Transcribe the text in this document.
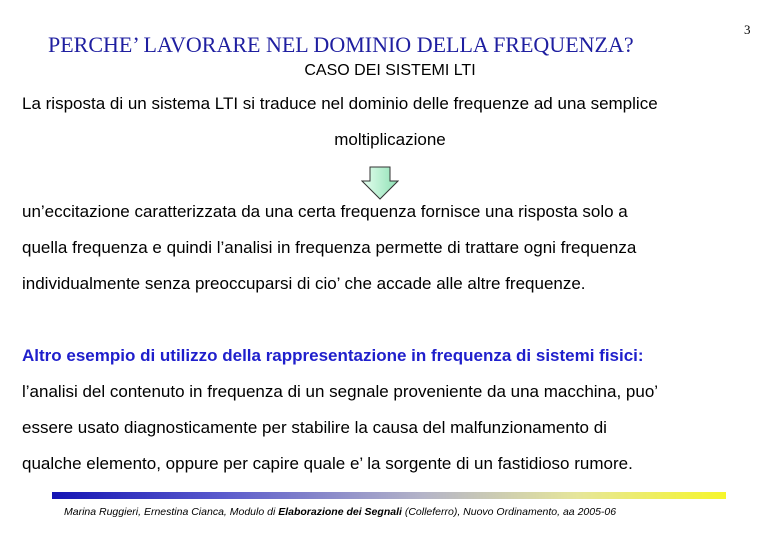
PERCHE’ LAVORARE NEL DOMINIO DELLA FREQUENZA?
3
CASO DEI SISTEMI LTI
La risposta di un sistema LTI si traduce nel dominio delle frequenze ad una semplice
moltiplicazione
un’eccitazione caratterizzata da una certa frequenza fornisce una risposta solo a
quella frequenza e quindi l’analisi in frequenza permette di trattare ogni frequenza
individualmente senza preoccuparsi di cio’ che accade alle altre frequenze.
Altro esempio di utilizzo della rappresentazione in frequenza di sistemi fisici:
l’analisi del contenuto in frequenza di un segnale proveniente da una macchina, puo’
essere usato diagnosticamente per stabilire la causa del malfunzionamento di
qualche elemento, oppure per capire quale e’ la sorgente di un fastidioso rumore.
Marina Ruggieri, Ernestina Cianca, Modulo di Elaborazione dei Segnali (Colleferro), Nuovo Ordinamento, aa 2005-06
